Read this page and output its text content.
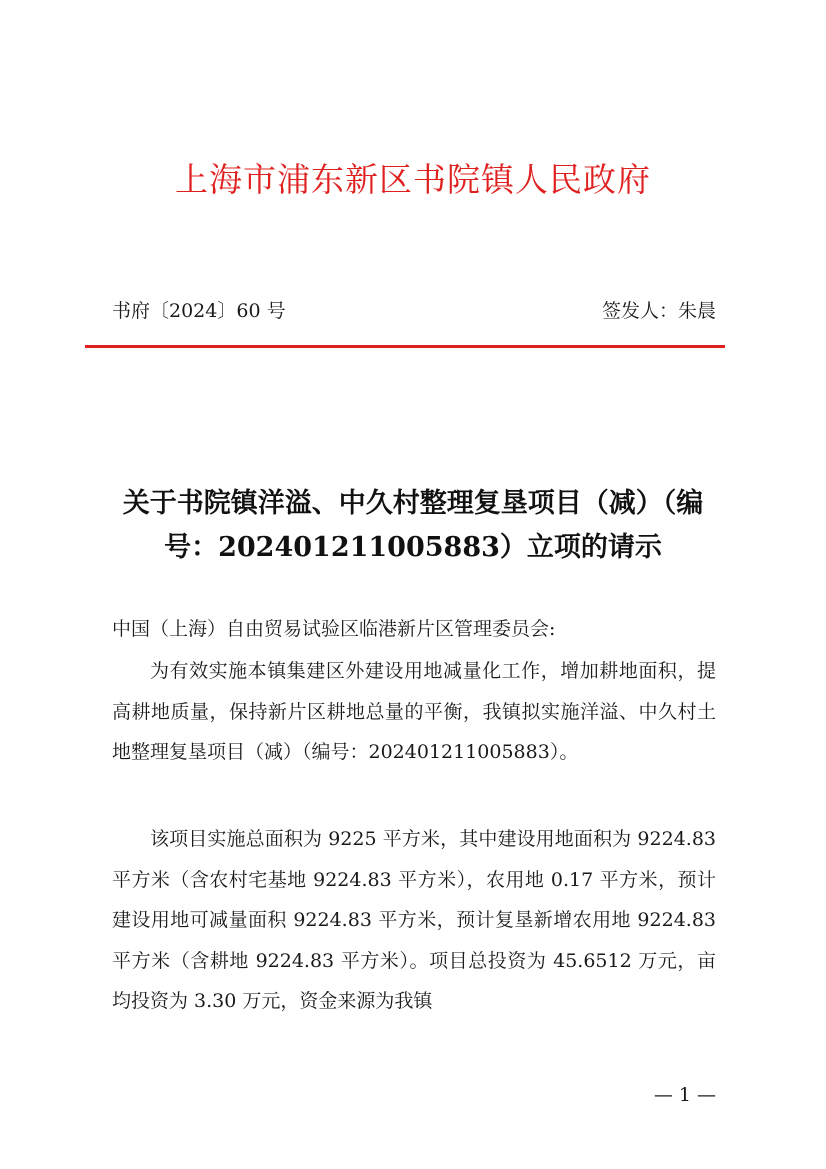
上海市浦东新区书院镇人民政府
书府〔2024〕60 号	签发人：朱晨
关于书院镇洋溢、中久村整理复垦项目（减）（编号：202401211005883）立项的请示
中国（上海）自由贸易试验区临港新片区管理委员会:

为有效实施本镇集建区外建设用地减量化工作，增加耕地面积，提高耕地质量，保持新片区耕地总量的平衡，我镇拟实施洋溢、中久村土地整理复垦项目（减）（编号：202401211005883）。

该项目实施总面积为 9225 平方米，其中建设用地面积为 9224.83 平方米（含农村宅基地 9224.83 平方米），农用地 0.17 平方米，预计建设用地可减量面积 9224.83 平方米，预计复垦新增农用地 9224.83 平方米（含耕地 9224.83 平方米）。项目总投资为 45.6512 万元，亩均投资为 3.30 万元，资金来源为我镇

— 1 —
